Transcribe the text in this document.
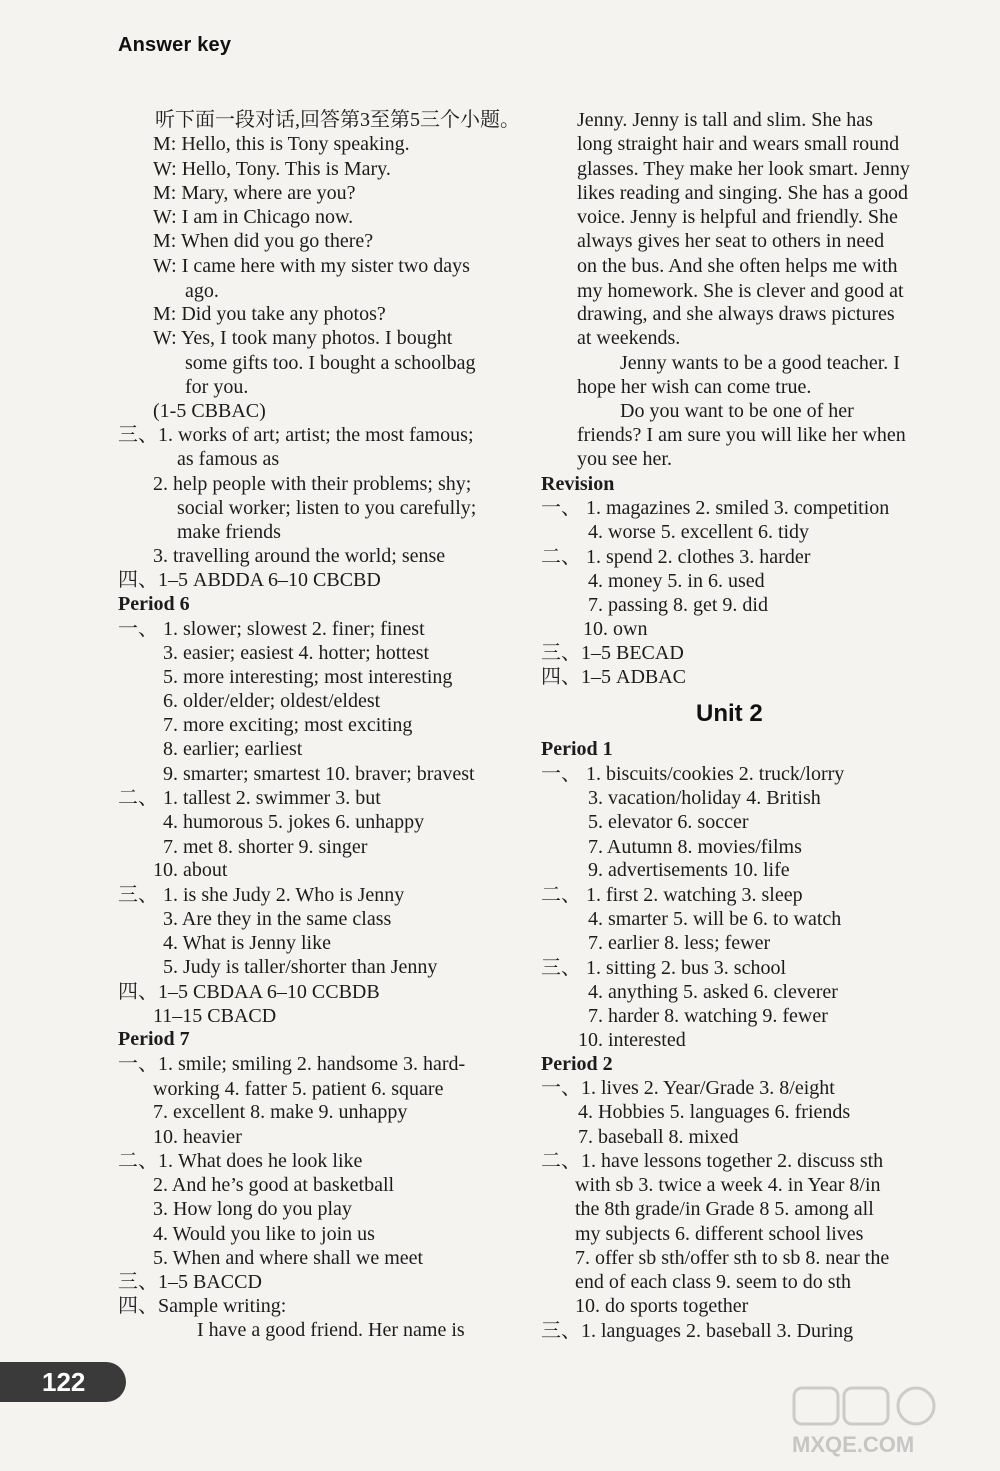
Answer key
听下面一段对话,回答第3至第5三个小题。
M: Hello, this is Tony speaking.
W: Hello, Tony. This is Mary.
M: Mary, where are you?
W: I am in Chicago now.
M: When did you go there?
W: I came here with my sister two days
ago.
M: Did you take any photos?
W: Yes, I took many photos. I bought
some gifts too. I bought a schoolbag
for you.
(1-5 CBBAC)
三、1. works of art; artist; the most famous;
as famous as
2. help people with their problems; shy;
social worker; listen to you carefully;
make friends
3. travelling around the world; sense
四、1–5 ABDDA 6–10 CBCBD
Period 6
一、 1. slower; slowest 2. finer; finest
3. easier; easiest 4. hotter; hottest
5. more interesting; most interesting
6. older/elder; oldest/eldest
7. more exciting; most exciting
8. earlier; earliest
9. smarter; smartest 10. braver; bravest
二、 1. tallest 2. swimmer 3. but
4. humorous 5. jokes 6. unhappy
7. met 8. shorter 9. singer
10. about
三、 1. is she Judy 2. Who is Jenny
3. Are they in the same class
4. What is Jenny like
5. Judy is taller/shorter than Jenny
四、1–5 CBDAA 6–10 CCBDB
11–15 CBACD
Period 7
一、1. smile; smiling 2. handsome 3. hard-
working 4. fatter 5. patient 6. square
7. excellent 8. make 9. unhappy
10. heavier
二、1. What does he look like
2. And he’s good at basketball
3. How long do you play
4. Would you like to join us
5. When and where shall we meet
三、1–5 BACCD
四、Sample writing:
I have a good friend. Her name is
Jenny. Jenny is tall and slim. She has
long straight hair and wears small round
glasses. They make her look smart. Jenny
likes reading and singing. She has a good
voice. Jenny is helpful and friendly. She
always gives her seat to others in need
on the bus. And she often helps me with
my homework. She is clever and good at
drawing, and she always draws pictures
at weekends.
Jenny wants to be a good teacher. I
hope her wish can come true.
Do you want to be one of her
friends? I am sure you will like her when
you see her.
Revision
一、 1. magazines 2. smiled 3. competition
4. worse 5. excellent 6. tidy
二、 1. spend 2. clothes 3. harder
4. money 5. in 6. used
7. passing 8. get 9. did
10. own
三、1–5 BECAD
四、1–5 ADBAC
Unit 2
Period 1
一、 1. biscuits/cookies 2. truck/lorry
3. vacation/holiday 4. British
5. elevator 6. soccer
7. Autumn 8. movies/films
9. advertisements 10. life
二、 1. first 2. watching 3. sleep
4. smarter 5. will be 6. to watch
7. earlier 8. less; fewer
三、 1. sitting 2. bus 3. school
4. anything 5. asked 6. cleverer
7. harder 8. watching 9. fewer
10. interested
Period 2
一、1. lives 2. Year/Grade 3. 8/eight
4. Hobbies 5. languages 6. friends
7. baseball 8. mixed
二、1. have lessons together 2. discuss sth
with sb 3. twice a week 4. in Year 8/in
the 8th grade/in Grade 8 5. among all
my subjects 6. different school lives
7. offer sb sth/offer sth to sb 8. near the
end of each class 9. seem to do sth
10. do sports together
三、1. languages 2. baseball 3. During
122
MXQE.COM
